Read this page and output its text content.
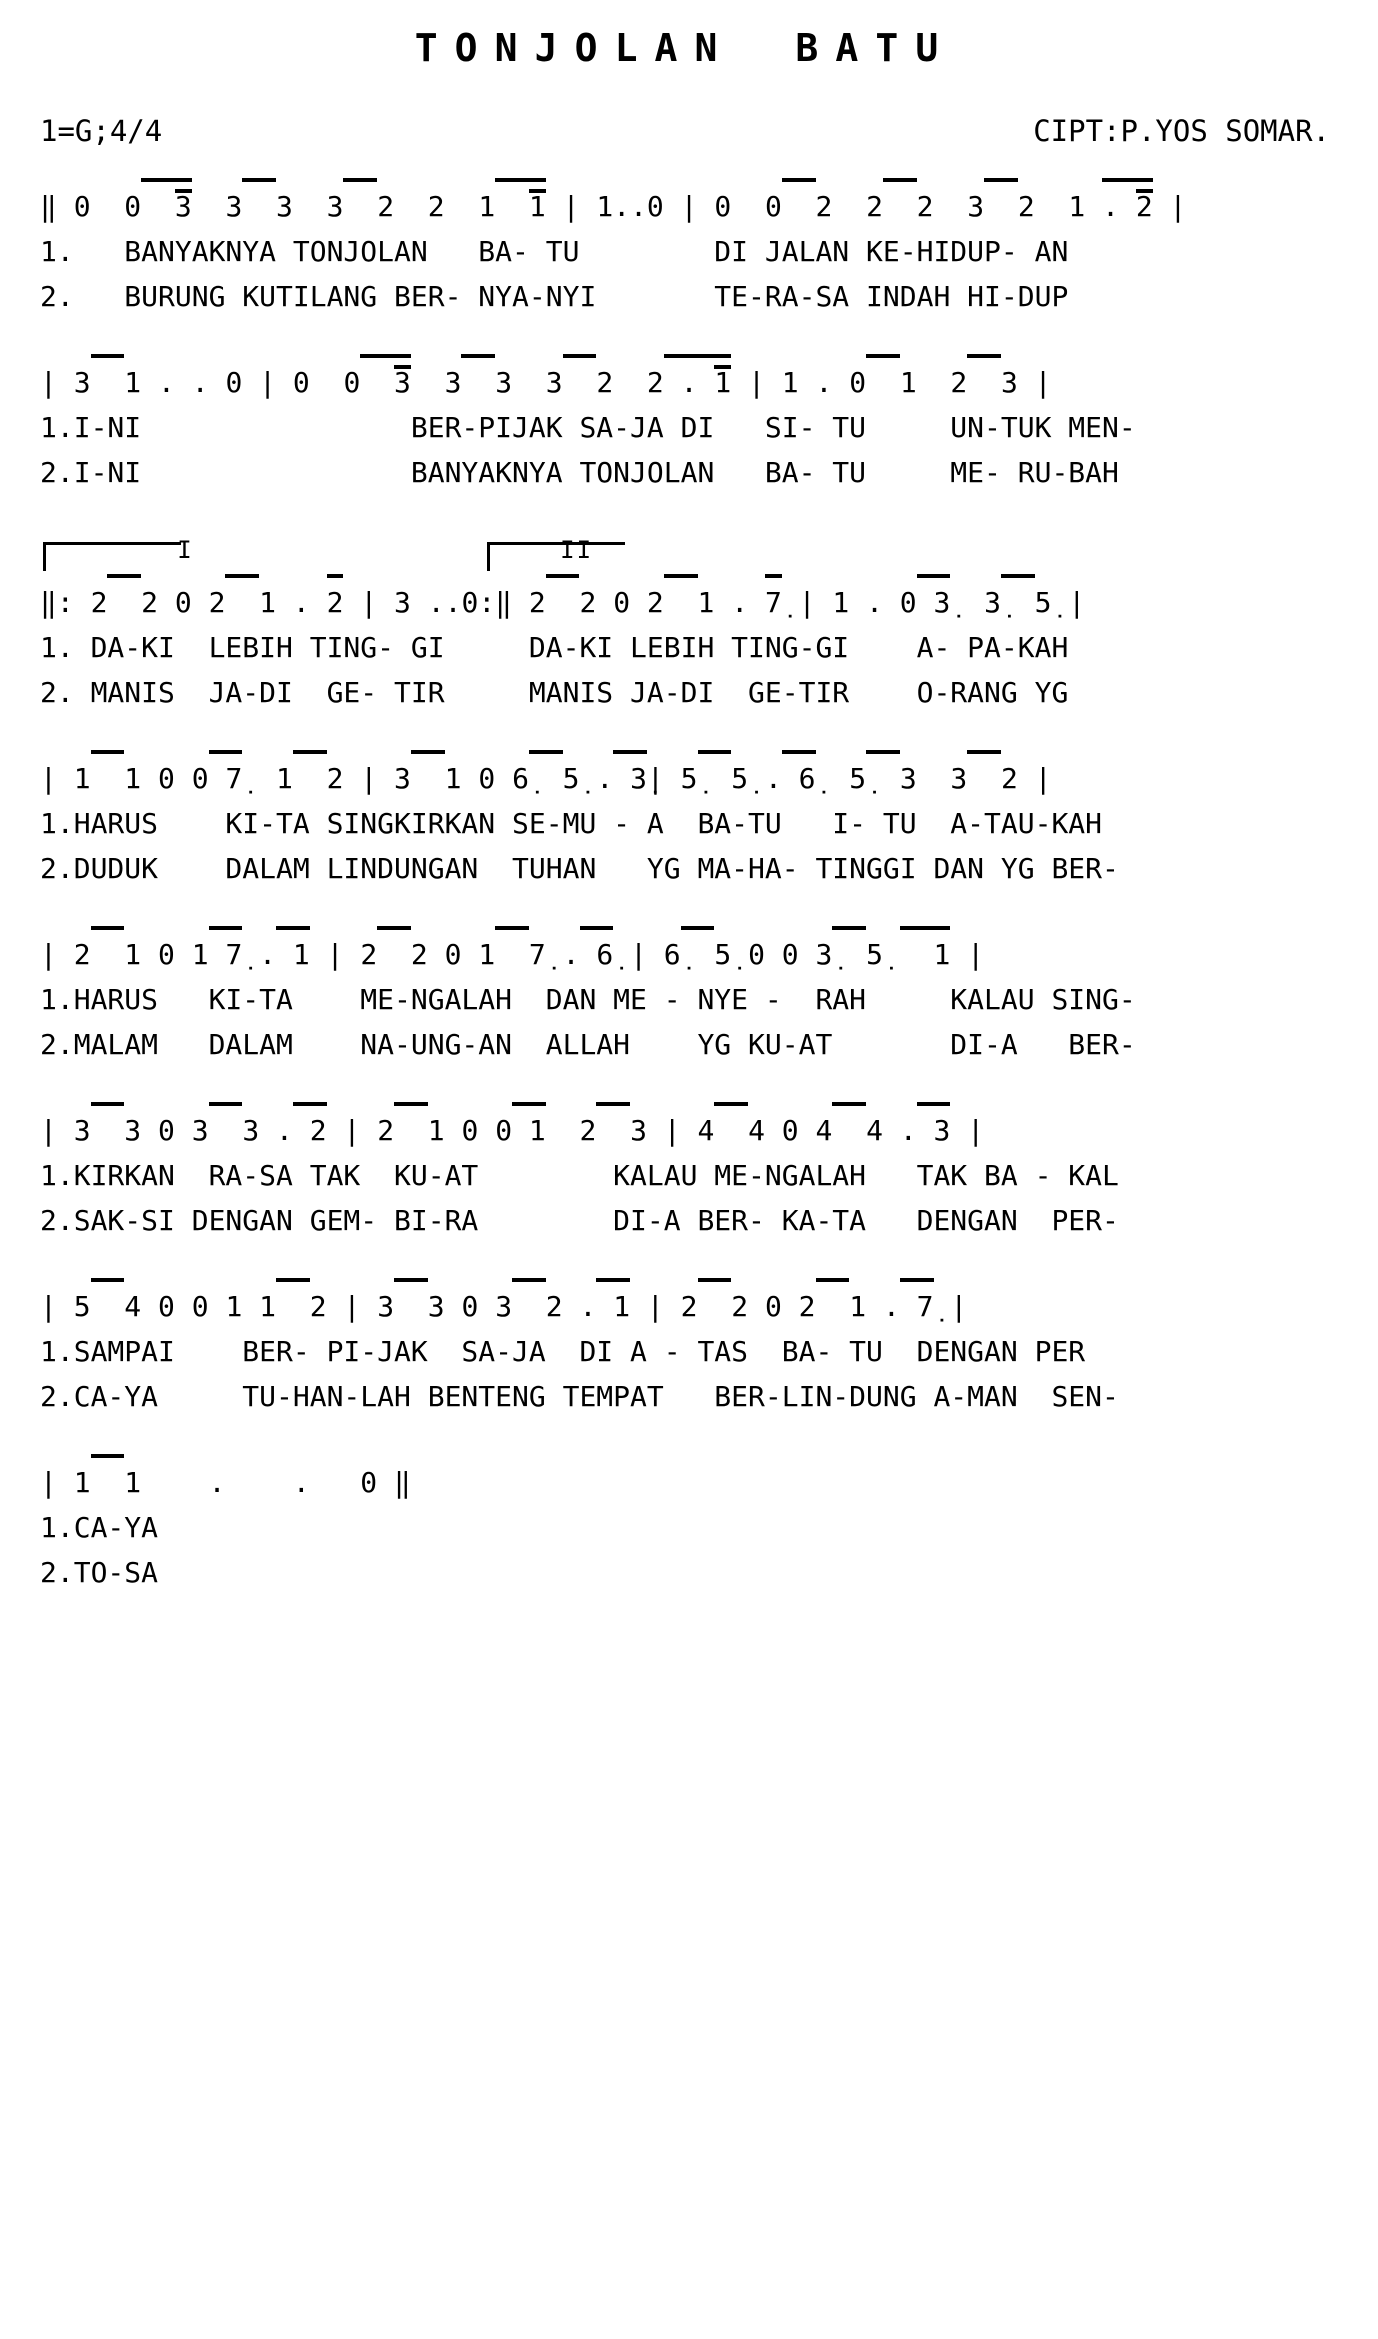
TONJOLAN BATU
1=G;4/4	CIPT:P.YOS SOMAR.
‖ 0  0 3 3 3 3 2 2 1 1 | 1..0 | 0  0 2 2 2 3 2 1 . 2 |
1.   BANYAKNYA TONJOLAN   BA- TU        DI JALAN KE-HIDUP- AN
2.   BURUNG KUTILANG BER- NYA-NYI       TE-RA-SA INDAH HI-DUP
| 3 1 . . 0 | 0 0 3 3 3 3 2 2 . 1 | 1 . 0 1 2 3 |
1.I-NI                BER-PIJAK SA-JA DI   SI- TU     UN-TUK MEN-
2.I-NI                BANYAKNYA TONJOLAN   BA- TU     ME- RU-BAH
I	II
‖: 2 2 0 2 1 . 2 | 3 ..0:‖ 2 2 0 2 1 . 7̣ | 1 . 0 3̣ 3̣ 5̣ |
1. DA-KI  LEBIH TING- GI     DA-KI LEBIH TING-GI    A- PA-KAH
2. MANIS  JA-DI  GE- TIR     MANIS JA-DI  GE-TIR    O-RANG YG
| 1 1 0 0 7̣ 1 2 | 3 1 0 6̣ 5̣ . 3̣| 5̣ 5̣ . 6̣ 5̣ 3 3 2 |
1.HARUS    KI-TA SINGKIRKAN SE-MU - A  BA-TU   I- TU  A-TAU-KAH
2.DUDUK    DALAM LINDUNGAN  TUHAN   YG MA-HA- TINGGI DAN YG BER-
| 2 1 0 1 7̣ . 1 | 2 2 0 1 7̣ . 6̣ | 6̣ 5̣ 0 0 3̣ 5̣   1 |
1.HARUS   KI-TA    ME-NGALAH  DAN ME - NYE -  RAH     KALAU SING-
2.MALAM   DALAM    NA-UNG-AN  ALLAH    YG KU-AT       DI-A   BER-
| 3 3 0 3 3 . 2 | 2 1 0 0 1 2 3 | 4 4 0 4 4 . 3 |
1.KIRKAN  RA-SA TAK  KU-AT        KALAU ME-NGALAH   TAK BA - KAL
2.SAK-SI DENGAN GEM- BI-RA        DI-A BER- KA-TA   DENGAN  PER-
| 5 4 0 0 1 1 2 | 3 3 0 3 2 . 1 | 2 2 0 2 1 . 7̣ |
1.SAMPAI    BER- PI-JAK  SA-JA  DI A - TAS  BA- TU  DENGAN PER
2.CA-YA     TU-HAN-LAH BENTENG TEMPAT   BER-LIN-DUNG A-MAN  SEN-
| 1 1    .    .   0 ‖
1.CA-YA
2.TO-SA
